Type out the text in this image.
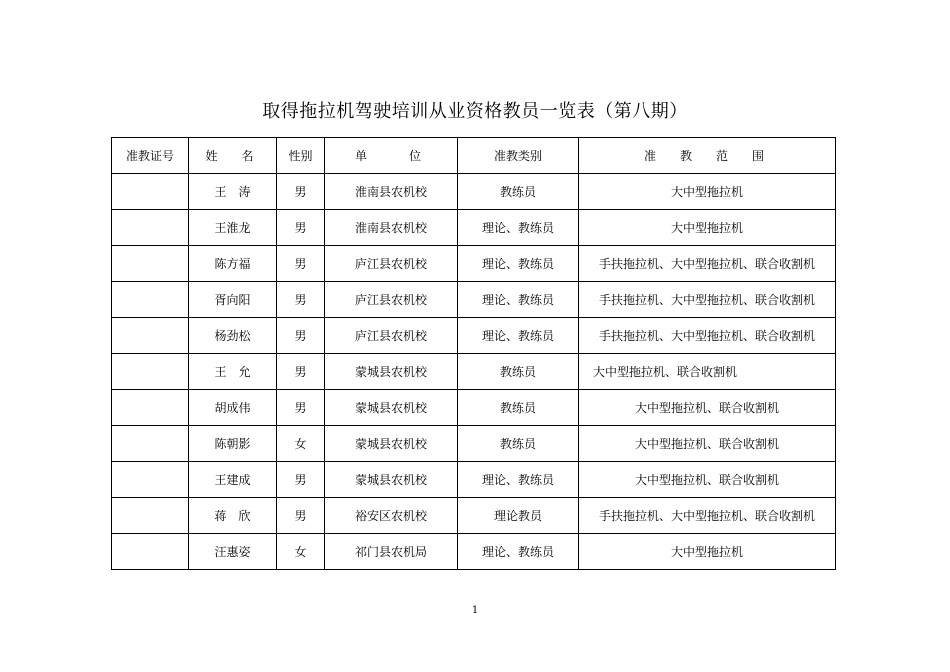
取得拖拉机驾驶培训从业资格教员一览表（第八期）
准教证号	姓　名	性别	单　　位	准教类别	准　教　范　围
	王　涛	男	淮南县农机校	教练员	大中型拖拉机
	王淮龙	男	淮南县农机校	理论、教练员	大中型拖拉机
	陈方福	男	庐江县农机校	理论、教练员	手扶拖拉机、大中型拖拉机、联合收割机
	胥向阳	男	庐江县农机校	理论、教练员	手扶拖拉机、大中型拖拉机、联合收割机
	杨劲松	男	庐江县农机校	理论、教练员	手扶拖拉机、大中型拖拉机、联合收割机
	王　允	男	蒙城县农机校	教练员	大中型拖拉机、联合收割机
	胡成伟	男	蒙城县农机校	教练员	大中型拖拉机、联合收割机
	陈朝影	女	蒙城县农机校	教练员	大中型拖拉机、联合收割机
	王建成	男	蒙城县农机校	理论、教练员	大中型拖拉机、联合收割机
	蒋　欣	男	裕安区农机校	理论教员	手扶拖拉机、大中型拖拉机、联合收割机
	汪惠姿	女	祁门县农机局	理论、教练员	大中型拖拉机
1
